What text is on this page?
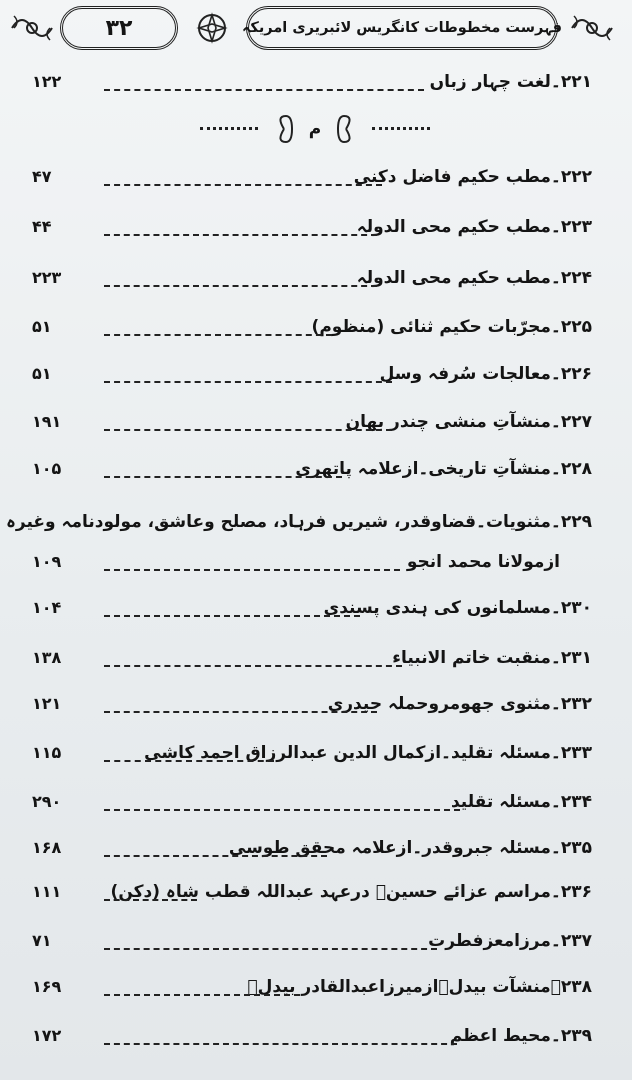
۳۲	فہرست مخطوطات کانگریس لائبریری امریکہ
م
۲۲۱۔لغت چہار زباں
۱۲۲
۲۲۲۔مطب حکیم فاضل دکنی
۴۷
۲۲۳۔مطب حکیم محی الدولہ
۴۴
۲۲۴۔مطب حکیم محی الدولہ
۲۲۳
۲۲۵۔مجرّبات حکیم ثنائی (منظوم)
۵۱
۲۲۶۔معالجات سُرفہ وسل
۵۱
۲۲۷۔منشآتِ منشی چندر بھان
۱۹۱
۲۲۸۔منشآتِ تاریخی۔ازعلامہ پاتھری
۱۰۵
۲۲۹۔مثنویات۔قضاوقدر، شیریں فرہاد، مصلح وعاشق، مولودنامہ وغیرہ
ازمولانا محمد انجو
۱۰۹
۲۳۰۔مسلمانوں کی ہندی پسندی
۱۰۴
۲۳۱۔منقبت خاتم الانبیاء
۱۳۸
۲۳۲۔مثنوی جھومروحملہ حیدری
۱۲۱
۲۳۳۔مسئلہ تقلید۔ازکمال الدین عبدالرزاق احمد کاشی
۱۱۵
۲۳۴۔مسئلہ تقلید
۲۹۰
۲۳۵۔مسئلہ جبروقدر۔ازعلامہ محقق طوسی
۱۶۸
۲۳۶۔مراسم عزائے حسینؑ درعہد عبداللہ قطب شاہ (دکن)
۱۱۱
۲۳۷۔مرزامعزفطرت
۷۱
۲۳۸۔منشآت بیدل۔ازمیرزاعبدالقادر بیدلؔ
۱۶۹
۲۳۹۔محیط اعظم
۱۷۲
